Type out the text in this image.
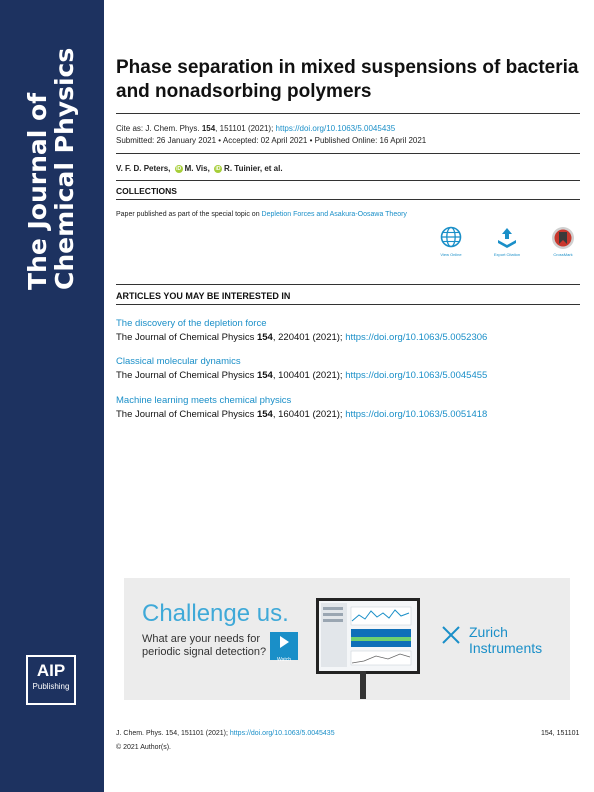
The Journal of
Chemical Physics
AIP
Publishing
Phase separation in mixed suspensions of bacteria and nonadsorbing polymers
Cite as: J. Chem. Phys. 154, 151101 (2021); https://doi.org/10.1063/5.0045435
Submitted: 26 January 2021 • Accepted: 02 April 2021 • Published Online: 16 April 2021
V. F. D. Peters, iD M. Vis, iD R. Tuinier, et al.
COLLECTIONS
Paper published as part of the special topic on Depletion Forces and Asakura-Oosawa Theory
View Online	Export Citation	CrossMark
ARTICLES YOU MAY BE INTERESTED IN
The discovery of the depletion force
The Journal of Chemical Physics 154, 220401 (2021); https://doi.org/10.1063/5.0052306
Classical molecular dynamics
The Journal of Chemical Physics 154, 100401 (2021); https://doi.org/10.1063/5.0045455
Machine learning meets chemical physics
The Journal of Chemical Physics 154, 160401 (2021); https://doi.org/10.1063/5.0051418
Challenge us.
What are your needs for periodic signal detection?
Watch
Zurich
Instruments
J. Chem. Phys. 154, 151101 (2021); https://doi.org/10.1063/5.0045435	154, 151101
© 2021 Author(s).
